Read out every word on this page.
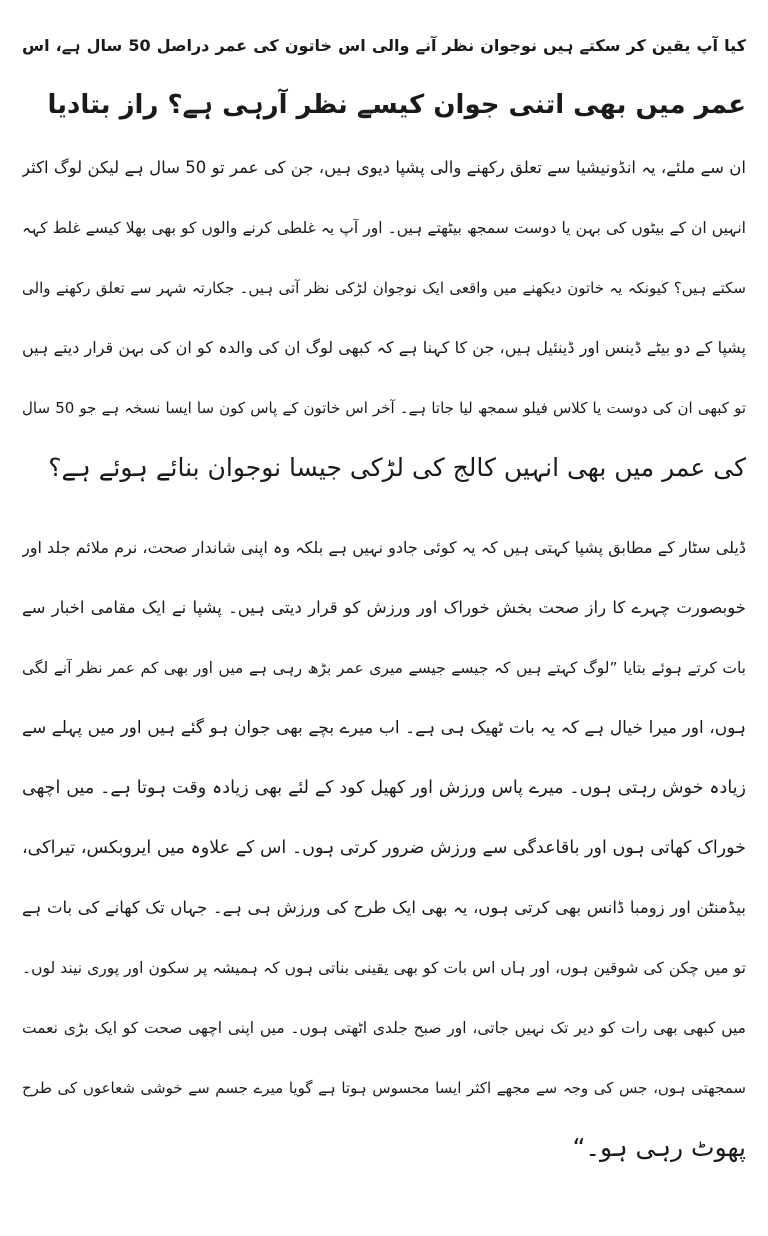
کیا آپ یقین کر سکتے ہیں نوجوان نظر آنے والی اس خاتون کی عمر دراصل 50 سال ہے، اس
عمر میں بھی اتنی جوان کیسے نظر آرہی ہے؟ راز بتادیا
ان سے ملئے، یہ انڈونیشیا سے تعلق رکھنے والی پشپا دیوی ہیں، جن کی عمر تو 50 سال ہے لیکن لوگ اکثر
انہیں ان کے بیٹوں کی بہن یا دوست سمجھ بیٹھتے ہیں۔ اور آپ یہ غلطی کرنے والوں کو بھی بھلا کیسے غلط کہہ
سکتے ہیں؟ کیونکہ یہ خاتون دیکھنے میں واقعی ایک نوجوان لڑکی نظر آتی ہیں۔ جکارتہ شہر سے تعلق رکھنے والی
پشپا کے دو بیٹے ڈینس اور ڈینئیل ہیں، جن کا کہنا ہے کہ کبھی لوگ ان کی والدہ کو ان کی بہن قرار دیتے ہیں
تو کبھی ان کی دوست یا کلاس فیلو سمجھ لیا جاتا ہے۔ آخر اس خاتون کے پاس کون سا ایسا نسخہ ہے جو 50 سال
کی عمر میں بھی انہیں کالج کی لڑکی جیسا نوجوان بنائے ہوئے ہے؟
ڈیلی سٹار کے مطابق پشپا کہتی ہیں کہ یہ کوئی جادو نہیں ہے بلکہ وہ اپنی شاندار صحت، نرم ملائم جلد اور
خوبصورت چہرے کا راز صحت بخش خوراک اور ورزش کو قرار دیتی ہیں۔ پشپا نے ایک مقامی اخبار سے
بات کرتے ہوئے بتایا ”لوگ کہتے ہیں کہ جیسے جیسے میری عمر بڑھ رہی ہے میں اور بھی کم عمر نظر آنے لگی
ہوں، اور میرا خیال ہے کہ یہ بات ٹھیک ہی ہے۔ اب میرے بچے بھی جوان ہو گئے ہیں اور میں پہلے سے
زیادہ خوش رہتی ہوں۔ میرے پاس ورزش اور کھیل کود کے لئے بھی زیادہ وقت ہوتا ہے۔ میں اچھی
خوراک کھاتی ہوں اور باقاعدگی سے ورزش ضرور کرتی ہوں۔ اس کے علاوہ میں ایروبکس، تیراکی،
بیڈمنٹن اور زومبا ڈانس بھی کرتی ہوں، یہ بھی ایک طرح کی ورزش ہی ہے۔ جہاں تک کھانے کی بات ہے
تو میں چکن کی شوقین ہوں، اور ہاں اس بات کو بھی یقینی بناتی ہوں کہ ہمیشہ پر سکون اور پوری نیند لوں۔
میں کبھی بھی رات کو دیر تک نہیں جاتی، اور صبح جلدی اٹھتی ہوں۔ میں اپنی اچھی صحت کو ایک بڑی نعمت
سمجھتی ہوں، جس کی وجہ سے مجھے اکثر ایسا محسوس ہوتا ہے گویا میرے جسم سے خوشی شعاعوں کی طرح
پھوٹ رہی ہو۔“
